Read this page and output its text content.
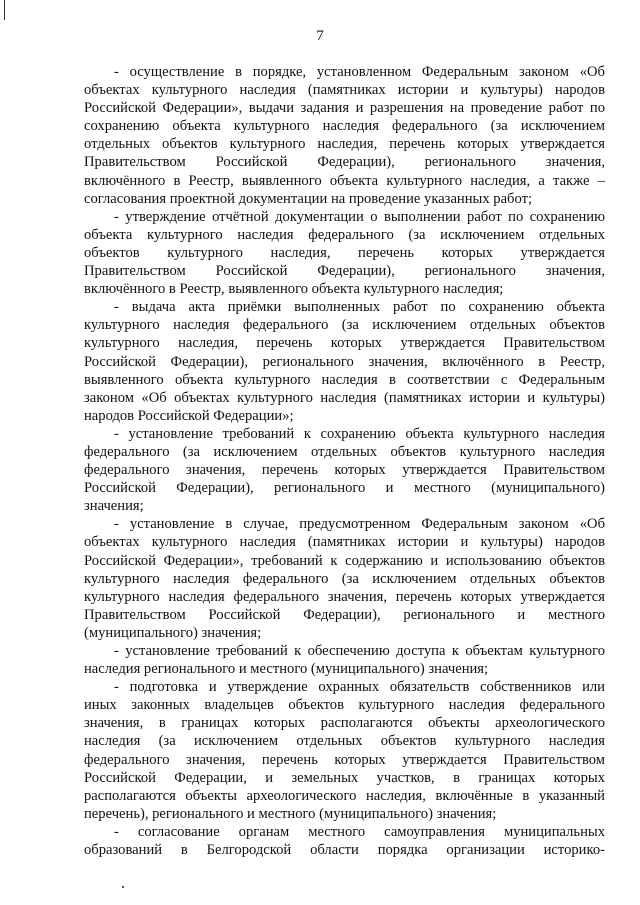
7
- осуществление в порядке, установленном Федеральным законом «Об
объектах культурного наследия (памятниках истории и культуры) народов
Российской Федерации», выдачи задания и разрешения на проведение работ по
сохранению объекта культурного наследия федерального (за исключением
отдельных объектов культурного наследия, перечень которых утверждается
Правительством Российской Федерации), регионального значения,
включённого в Реестр, выявленного объекта культурного наследия, а также –
согласования проектной документации на проведение указанных работ;
- утверждение отчётной документации о выполнении работ по сохранению
объекта культурного наследия федерального (за исключением отдельных
объектов культурного наследия, перечень которых утверждается
Правительством Российской Федерации), регионального значения,
включённого в Реестр, выявленного объекта культурного наследия;
- выдача акта приёмки выполненных работ по сохранению объекта
культурного наследия федерального (за исключением отдельных объектов
культурного наследия, перечень которых утверждается Правительством
Российской Федерации), регионального значения, включённого в Реестр,
выявленного объекта культурного наследия в соответствии с Федеральным
законом «Об объектах культурного наследия (памятниках истории и культуры)
народов Российской Федерации»;
- установление требований к сохранению объекта культурного наследия
федерального (за исключением отдельных объектов культурного наследия
федерального значения, перечень которых утверждается Правительством
Российской Федерации), регионального и местного (муниципального)
значения;
- установление в случае, предусмотренном Федеральным законом «Об
объектах культурного наследия (памятниках истории и культуры) народов
Российской Федерации», требований к содержанию и использованию объектов
культурного наследия федерального (за исключением отдельных объектов
культурного наследия федерального значения, перечень которых утверждается
Правительством Российской Федерации), регионального и местного
(муниципального) значения;
- установление требований к обеспечению доступа к объектам культурного
наследия регионального и местного (муниципального) значения;
- подготовка и утверждение охранных обязательств собственников или
иных законных владельцев объектов культурного наследия федерального
значения, в границах которых располагаются объекты археологического
наследия (за исключением отдельных объектов культурного наследия
федерального значения, перечень которых утверждается Правительством
Российской Федерации, и земельных участков, в границах которых
располагаются объекты археологического наследия, включённые в указанный
перечень), регионального и местного (муниципального) значения;
- согласование органам местного самоуправления муниципальных
образований в Белгородской области порядка организации историко-
